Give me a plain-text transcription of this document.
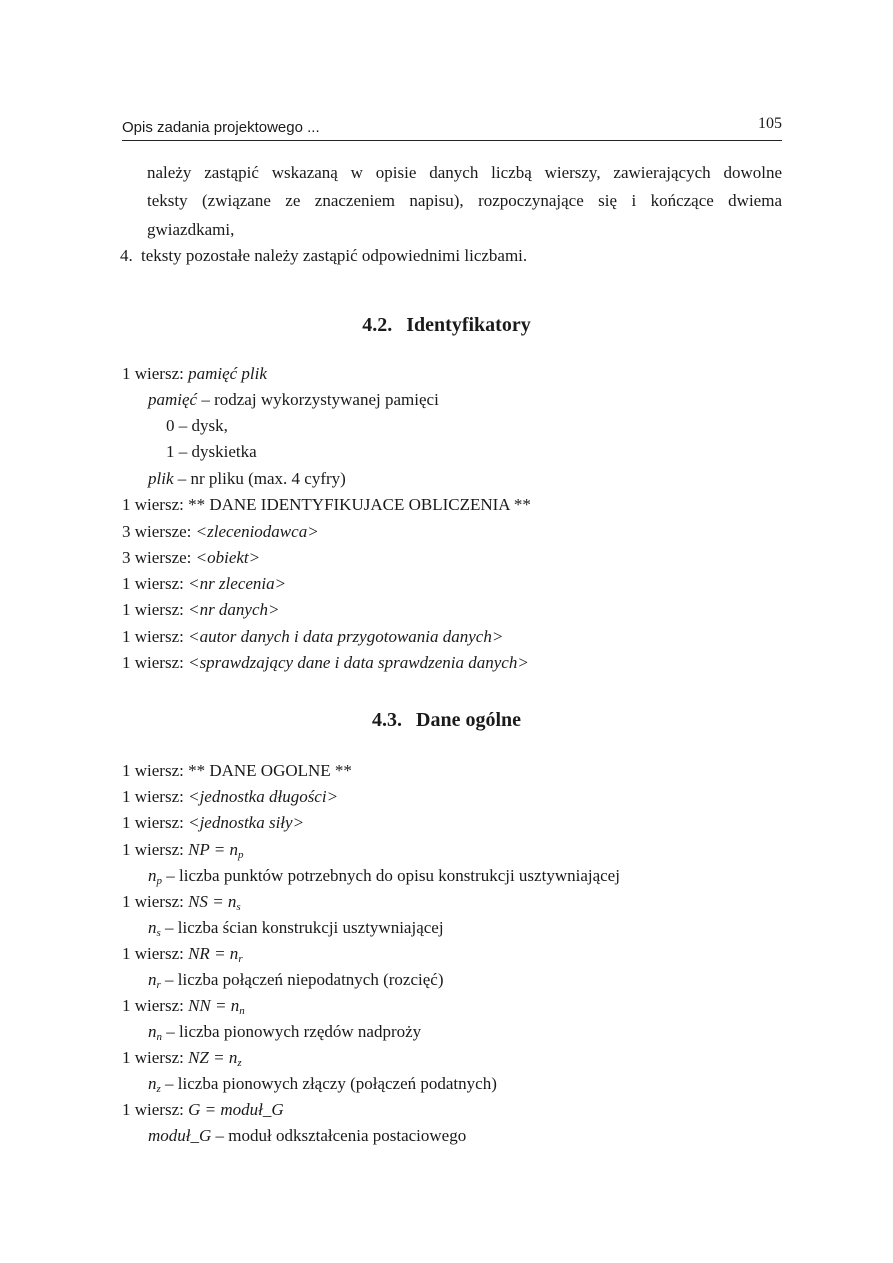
Opis zadania projektowego ...	105
należy zastąpić wskazaną w opisie danych liczbą wierszy, zawierających dowolne
teksty (związane ze znaczeniem napisu), rozpoczynające się i kończące dwiema
gwiazdkami,
4. teksty pozostałe należy zastąpić odpowiednimi liczbami.
4.2. Identyfikatory
1 wiersz: pamięć plik
pamięć – rodzaj wykorzystywanej pamięci
0 – dysk,
1 – dyskietka
plik – nr pliku (max. 4 cyfry)
1 wiersz: ** DANE IDENTYFIKUJACE OBLICZENIA **
3 wiersze: <zleceniodawca>
3 wiersze: <obiekt>
1 wiersz: <nr zlecenia>
1 wiersz: <nr danych>
1 wiersz: <autor danych i data przygotowania danych>
1 wiersz: <sprawdzający dane i data sprawdzenia danych>
4.3. Dane ogólne
1 wiersz: ** DANE OGOLNE **
1 wiersz: <jednostka długości>
1 wiersz: <jednostka siły>
1 wiersz: NP = $n_p$
$n_p$ – liczba punktów potrzebnych do opisu konstrukcji usztywniającej
1 wiersz: NS = $n_s$
$n_s$ – liczba ścian konstrukcji usztywniającej
1 wiersz: NR = $n_r$
$n_r$ – liczba połączeń niepodatnych (rozcięć)
1 wiersz: NN = $n_n$
$n_n$ – liczba pionowych rzędów nadproży
1 wiersz: NZ = $n_z$
$n_z$ – liczba pionowych złączy (połączeń podatnych)
1 wiersz: G = moduł_G
moduł_G – moduł odkształcenia postaciowego
